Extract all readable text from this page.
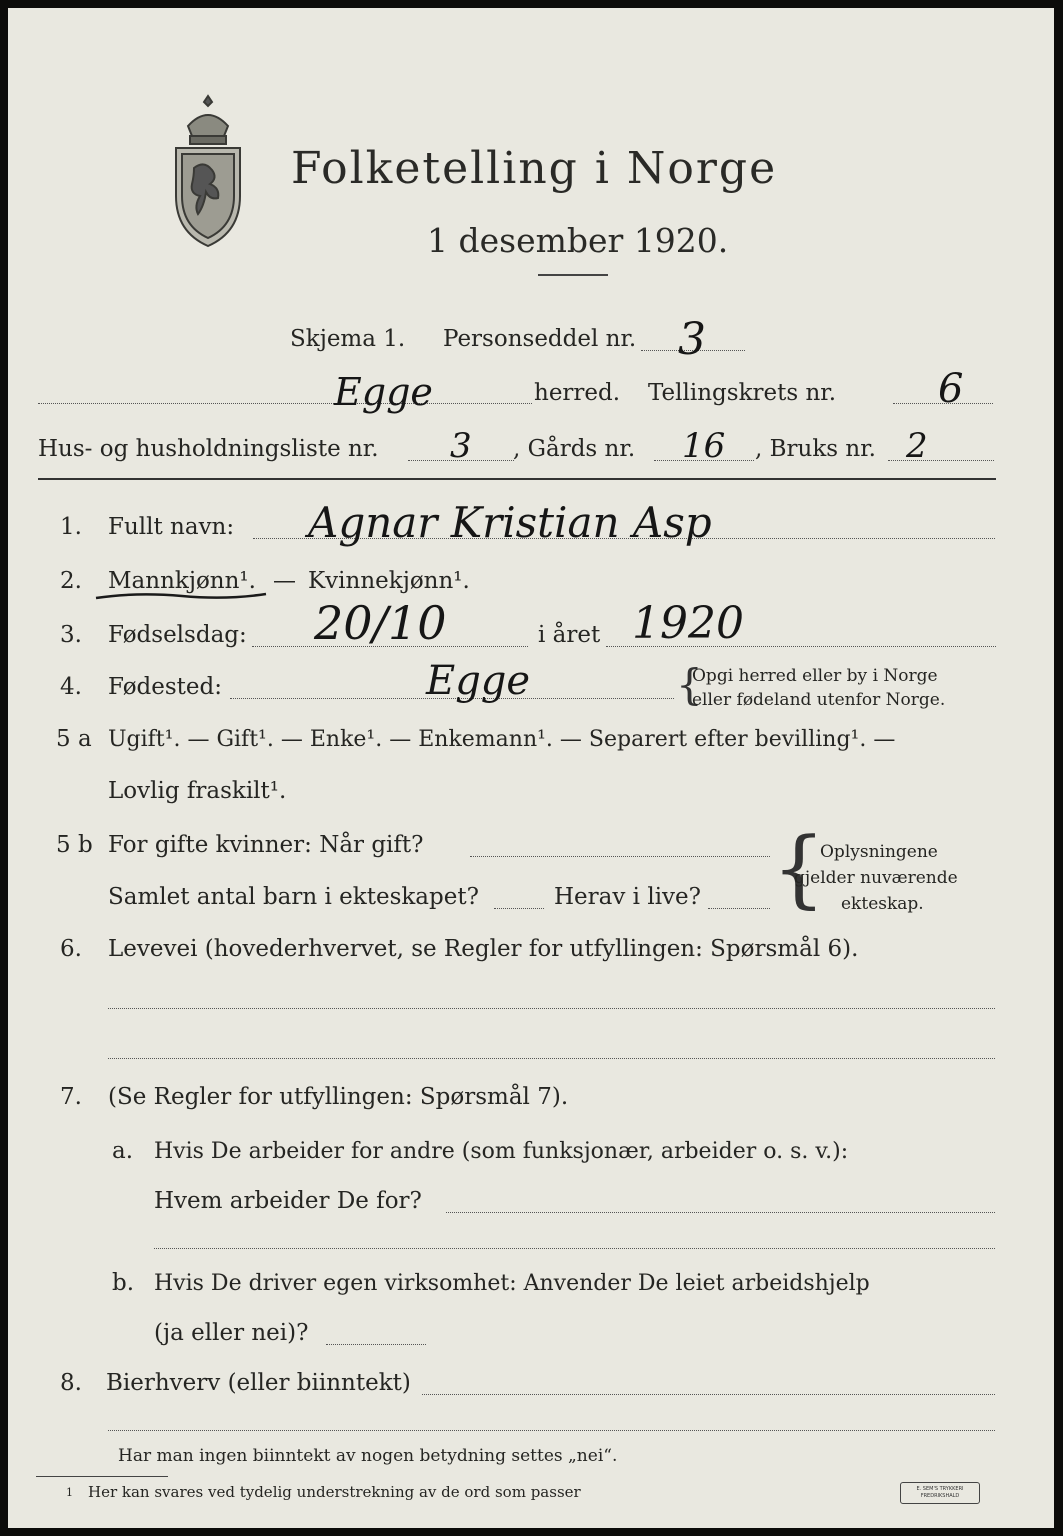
Folketelling i Norge
1 desember 1920.
Skjema 1. Personseddel nr. 3
Egge	herred. Tellingskrets nr.	6
Hus- og husholdningsliste nr. 3 , Gårds nr. 16 , Bruks nr. 2
1. Fullt navn: Agnar Kristian Asp
2. Mannkjønn¹. — Kvinnekjønn¹.
3. Fødselsdag: 20/10	i året 1920
4. Fødested:	Egge	{
Opgi herred eller by i Norge
eller fødeland utenfor Norge.
5 a Ugift¹. — Gift¹. — Enke¹. — Enkemann¹. — Separert efter bevilling¹. —
Lovlig fraskilt¹.
5 b For gifte kvinner: Når gift?
Samlet antal barn i ekteskapet?	Herav i live? {
Oplysningene
gjelder nuværende
ekteskap.
6. Levevei (hovederhvervet, se Regler for utfyllingen: Spørsmål 6).
7. (Se Regler for utfyllingen: Spørsmål 7).
a. Hvis De arbeider for andre (som funksjonær, arbeider o. s. v.):
Hvem arbeider De for?
b. Hvis De driver egen virksomhet: Anvender De leiet arbeidshjelp
(ja eller nei)?
8. Bierhverv (eller biinntekt)
Har man ingen biinntekt av nogen betydning settes „nei“.
1 Her kan svares ved tydelig understrekning av de ord som passer	E. SEM'S TRYKKERI FREDRIKSHALD
